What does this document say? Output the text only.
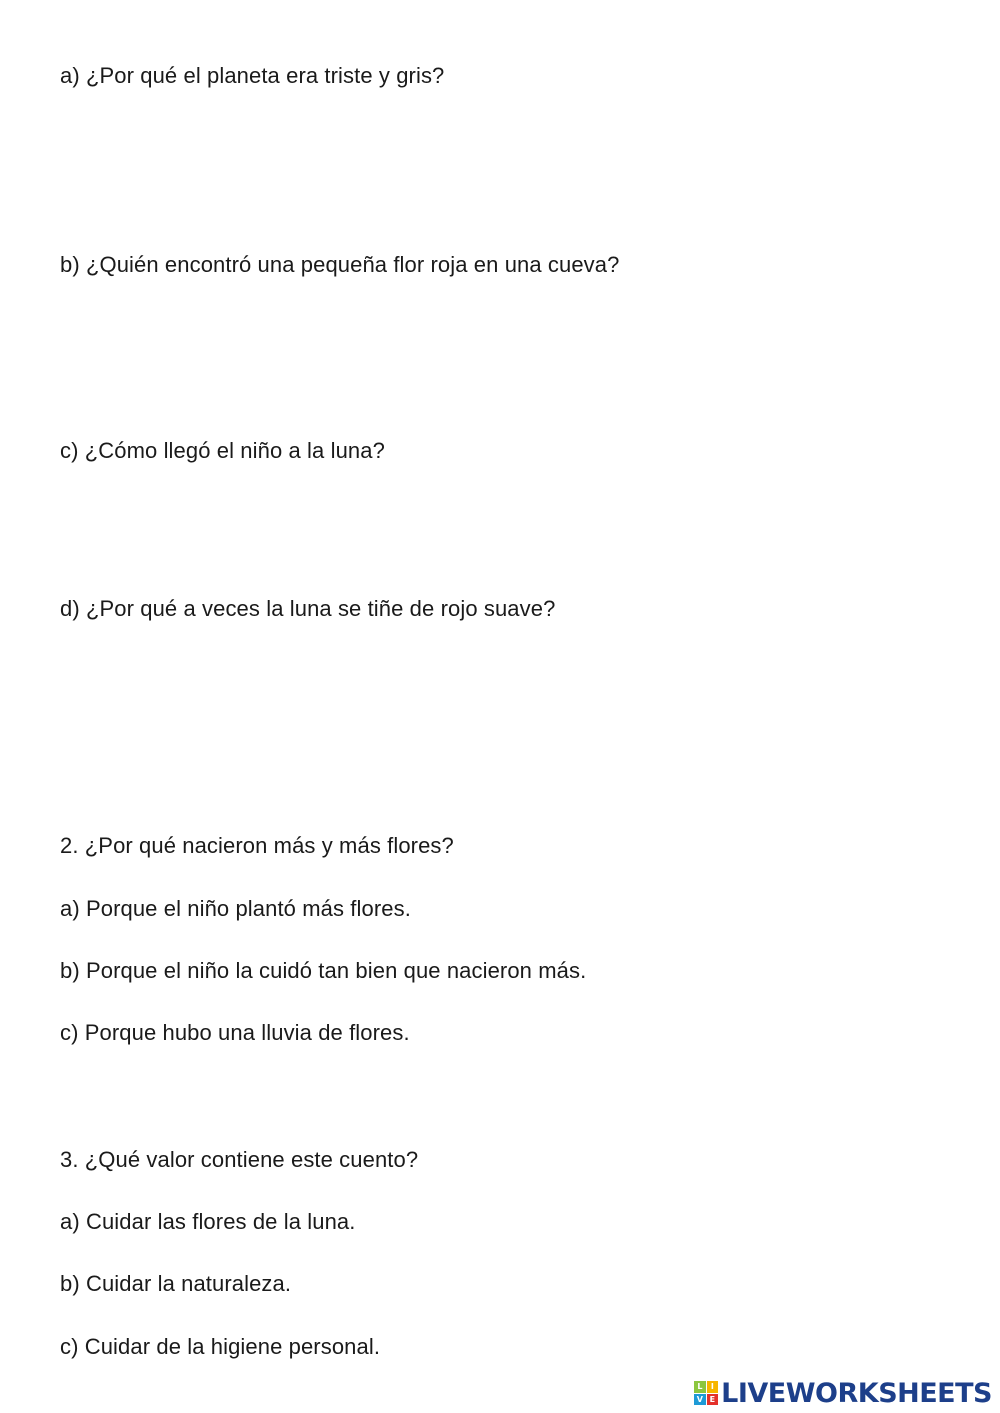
a) ¿Por qué el planeta era triste y gris?
b) ¿Quién encontró una pequeña flor roja en una cueva?
c) ¿Cómo llegó el niño a la luna?
d) ¿Por qué a veces la luna se tiñe de rojo suave?
2. ¿Por qué nacieron más y más flores?
a) Porque el niño plantó más flores.
b) Porque el niño la cuidó tan bien que nacieron más.
c) Porque hubo una lluvia de flores.
3. ¿Qué valor contiene este cuento?
a) Cuidar las flores de la luna.
b) Cuidar la naturaleza.
c) Cuidar de la higiene personal.
L	I
V E LIVEWORKSHEETS
